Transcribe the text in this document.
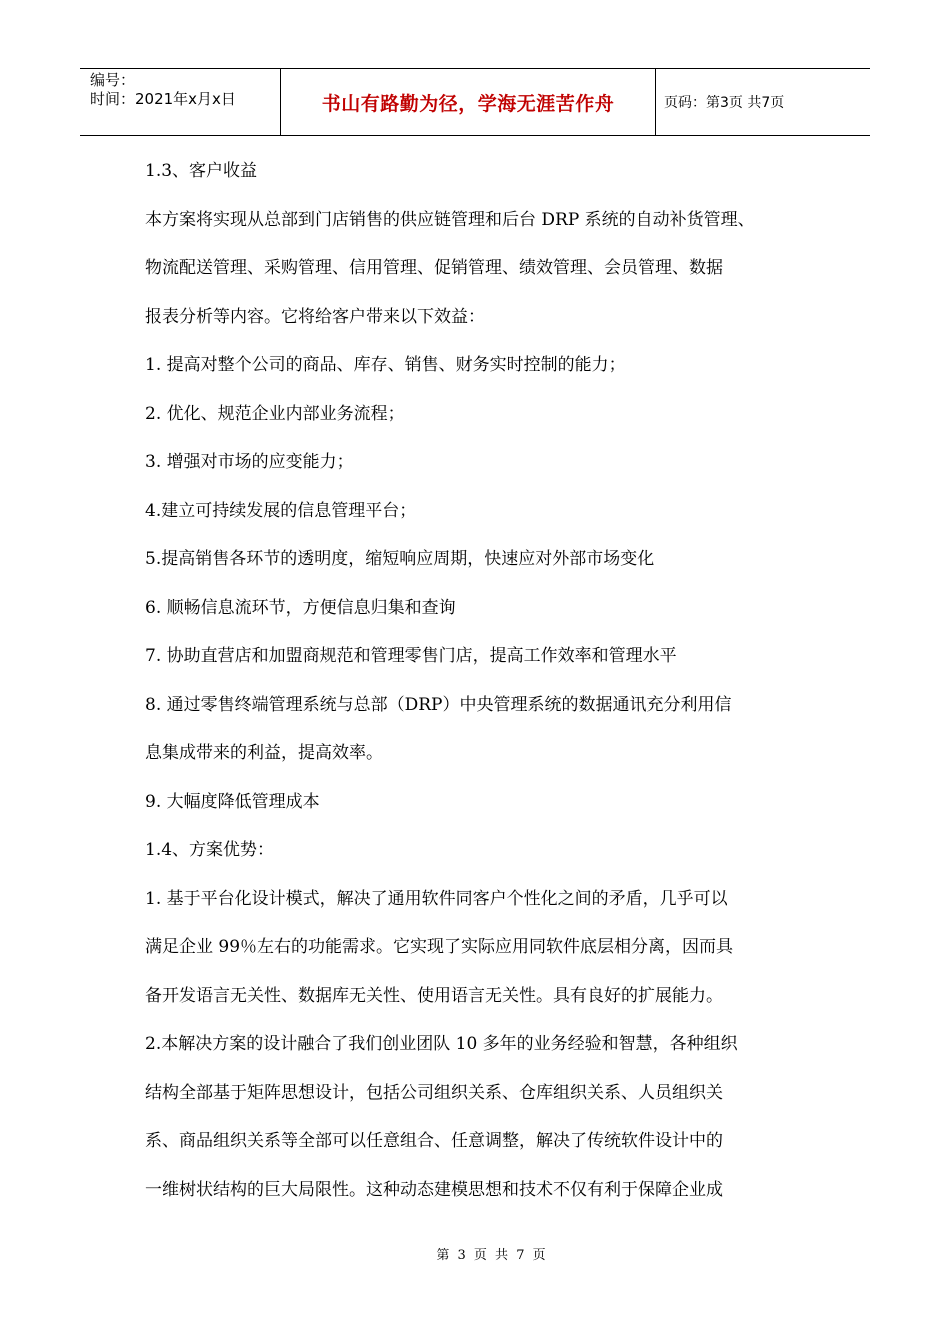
编号：
时间：2021年x月x日	书山有路勤为径，学海无涯苦作舟	页码：第3页 共7页
1.3、客户收益
本方案将实现从总部到门店销售的供应链管理和后台 DRP 系统的自动补货管理、
物流配送管理、采购管理、信用管理、促销管理、绩效管理、会员管理、数据
报表分析等内容。它将给客户带来以下效益：
1. 提高对整个公司的商品、库存、销售、财务实时控制的能力；
2. 优化、规范企业内部业务流程；
3. 增强对市场的应变能力；
4.建立可持续发展的信息管理平台；
5.提高销售各环节的透明度，缩短响应周期，快速应对外部市场变化
6. 顺畅信息流环节，方便信息归集和查询
7. 协助直营店和加盟商规范和管理零售门店，提高工作效率和管理水平
8. 通过零售终端管理系统与总部（DRP）中央管理系统的数据通讯充分利用信
息集成带来的利益，提高效率。
9. 大幅度降低管理成本
1.4、方案优势：
1. 基于平台化设计模式，解决了通用软件同客户个性化之间的矛盾，几乎可以
满足企业 99％左右的功能需求。它实现了实际应用同软件底层相分离，因而具
备开发语言无关性、数据库无关性、使用语言无关性。具有良好的扩展能力。
2.本解决方案的设计融合了我们创业团队 10 多年的业务经验和智慧，各种组织
结构全部基于矩阵思想设计，包括公司组织关系、仓库组织关系、人员组织关
系、商品组织关系等全部可以任意组合、任意调整，解决了传统软件设计中的
一维树状结构的巨大局限性。这种动态建模思想和技术不仅有利于保障企业成
第 3 页 共 7 页
